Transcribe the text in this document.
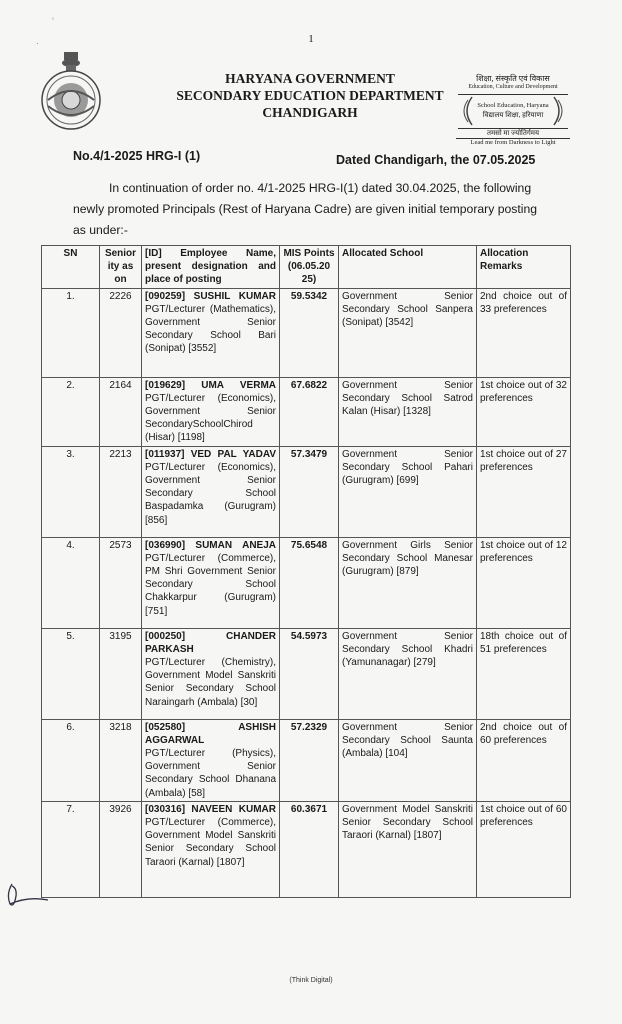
‘
·	1
HARYANA GOVERNMENT
SECONDARY EDUCATION DEPARTMENT
CHANDIGARH
शिक्षा, संस्कृति एवं विकास
Education, Culture and Development
School Education, Haryana
विद्यालय शिक्षा, हरियाणा
तमसो मा ज्योतिर्गमय
Lead me from Darkness to Light
No.4/1-2025 HRG-I (1)	Dated Chandigarh, the 07.05.2025
In continuation of order no. 4/1-2025 HRG-I(1) dated 30.04.2025, the following
newly promoted Principals (Rest of Haryana Cadre) are given initial temporary posting
as under:-
SN	Senior ity as on	[ID] Employee Name, present designation and place of posting	MIS Points (06.05.20 25)	Allocated School	Allocation Remarks
1.	2226	[090259] SUSHIL KUMAR
PGT/Lecturer (Mathematics), Government Senior Secondary School Bari (Sonipat) [3552]	59.5342	Government Senior Secondary School Sanpera (Sonipat) [3542]	2nd choice out of 33 preferences
2.	2164	[019629] UMA VERMA
PGT/Lecturer (Economics), Government Senior SecondarySchoolChirod (Hisar) [1198]	67.6822	Government Senior Secondary School Satrod Kalan (Hisar) [1328]	1st choice out of 32 preferences
3.	2213	[011937] VED PAL YADAV
PGT/Lecturer (Economics), Government Senior Secondary School Baspadamka (Gurugram) [856]	57.3479	Government Senior Secondary School Pahari (Gurugram) [699]	1st choice out of 27 preferences
4.	2573	[036990] SUMAN ANEJA
PGT/Lecturer (Commerce), PM Shri Government Senior Secondary School Chakkarpur (Gurugram) [751]	75.6548	Government Girls Senior Secondary School Manesar (Gurugram) [879]	1st choice out of 12 preferences
5.	3195	[000250] CHANDER PARKASH
PGT/Lecturer (Chemistry), Government Model Sanskriti Senior Secondary School Naraingarh (Ambala) [30]	54.5973	Government Senior Secondary School Khadri (Yamunanagar) [279]	18th choice out of 51 preferences
6.	3218	[052580] ASHISH AGGARWAL
PGT/Lecturer (Physics), Government Senior Secondary School Dhanana (Ambala) [58]	57.2329	Government Senior Secondary School Saunta (Ambala) [104]	2nd choice out of 60 preferences
7.	3926	[030316] NAVEEN KUMAR
PGT/Lecturer (Commerce), Government Model Sanskriti Senior Secondary School Taraori (Karnal) [1807]	60.3671	Government Model Sanskriti Senior Secondary School Taraori (Karnal) [1807]	1st choice out of 60 preferences
(Think Digital)
